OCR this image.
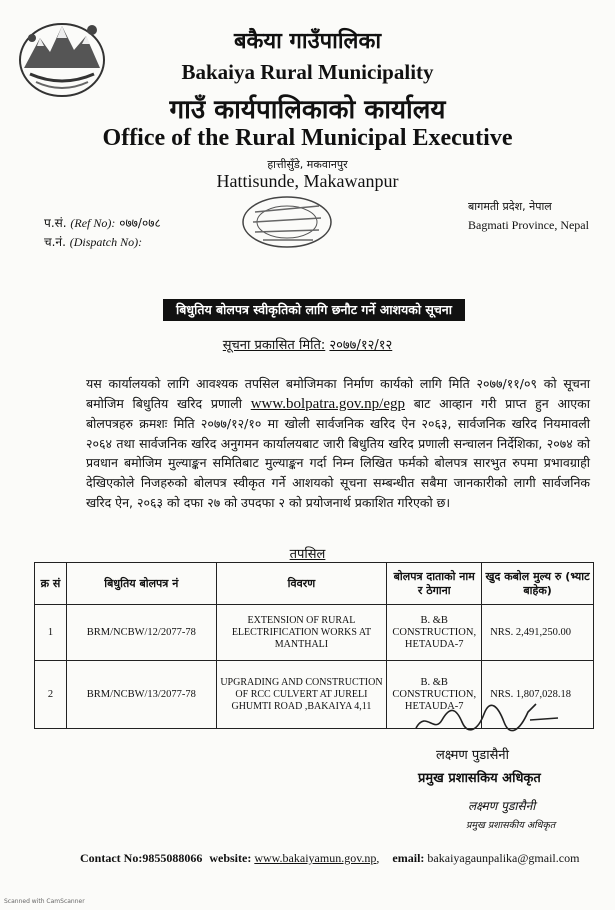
बकैया गाउँपालिका
Bakaiya Rural Municipality
गाउँ कार्यपालिकाको कार्यालय
Office of the Rural Municipal Executive
हात्तीसुँडे, मकवानपुर
Hattisunde, Makawanpur
प.सं. (Ref No): ०७७/०७८
च.नं. (Dispatch No):
बागमती प्रदेश, नेपाल
Bagmati Province, Nepal
बिधुतिय बोलपत्र स्वीकृतिको लागि छनौट गर्ने आशयको सूचना
सूचना प्रकासित मिति: २०७७/१२/१२
यस कार्यालयको लागि आवश्यक तपसिल बमोजिमका निर्माण कार्यको लागि मिति २०७७/११/०९ को सूचना बमोजिम बिधुतिय खरिद प्रणाली www.bolpatra.gov.np/egp बाट आव्हान गरी प्राप्त हुन आएका बोलपत्रहरु क्रमशः मिति २०७७/१२/१० मा खोली सार्वजनिक खरिद ऐन २०६३, सार्वजनिक खरिद नियमावली २०६४ तथा सार्वजनिक खरिद अनुगमन कार्यालयबाट जारी बिधुतिय खरिद प्रणाली सन्चालन निर्देशिका, २०७४ को प्रवधान बमोजिम मुल्याङ्कन समितिबाट मुल्याङ्कन गर्दा निम्न लिखित फर्मको बोलपत्र सारभुत रुपमा प्रभावग्राही देखिएकोले निजहरुको बोलपत्र स्वीकृत गर्ने आशयको सूचना सम्बन्धीत सबैमा जानकारीको लागी सार्वजनिक खरिद ऐन, २०६३ को दफा २७ को उपदफा २ को प्रयोजनार्थ प्रकाशित गरिएको छ।
तपसिल
क्र सं	बिधुतिय बोलपत्र नं	विवरण	बोलपत्र दाताको नाम र ठेगाना	खुद कबोल मुल्य रु (भ्याट बाहेक)
1	BRM/NCBW/12/2077-78	EXTENSION OF RURAL ELECTRIFICATION WORKS AT MANTHALI	B. &B CONSTRUCTION, HETAUDA-7	NRS. 2,491,250.00
2	BRM/NCBW/13/2077-78	UPGRADING AND CONSTRUCTION OF RCC CULVERT AT JURELI GHUMTI ROAD ,BAKAIYA 4,11	B. &B CONSTRUCTION, HETAUDA-7	NRS. 1,807,028.18
लक्ष्मण पुडासैनी
प्रमुख प्रशासकिय अधिकृत
लक्ष्मण पुडासैनी
प्रमुख प्रशासकीय अधिकृत
Contact No:9855088066 website: www.bakaiyamun.gov.np, email: bakaiyagaunpalika@gmail.com
Scanned with CamScanner
